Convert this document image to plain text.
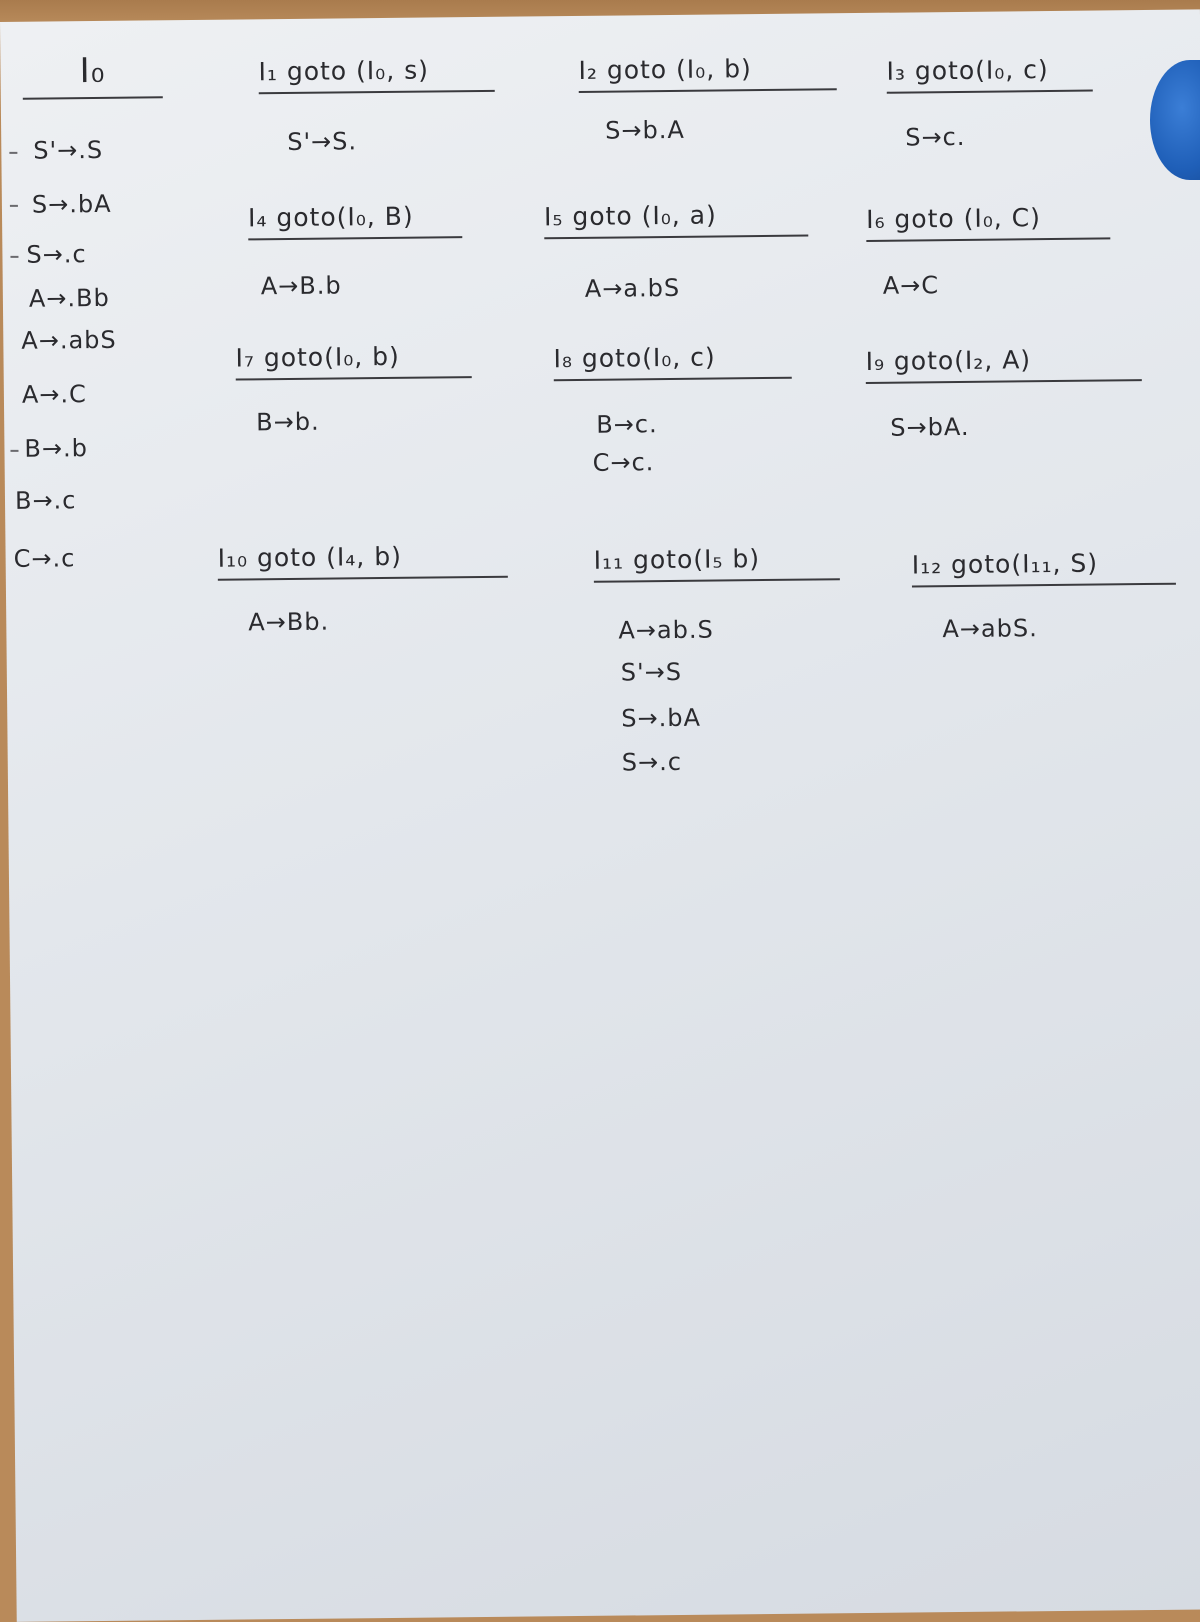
I₀
S'→.S
S→.bA
S→.c
A→.Bb
A→.abS
A→.C
B→.b
B→.c
C→.c
I₁ goto (I₀, s)
S'→S.
I₂ goto (I₀, b)
S→b.A
I₃ goto(I₀, c)
S→c.
I₄ goto(I₀, B)
A→B.b
I₅ goto (I₀, a)
A→a.bS
I₆ goto (I₀, C)
A→C
I₇ goto(I₀, b)
B→b.
I₈ goto(I₀, c)
B→c.
C→c.
I₉ goto(I₂, A)
S→bA.
I₁₀ goto (I₄, b)
A→Bb.
I₁₁ goto(I₅ b)
A→ab.S
S'→S
S→.bA
S→.c
I₁₂ goto(I₁₁, S)
A→abS.
